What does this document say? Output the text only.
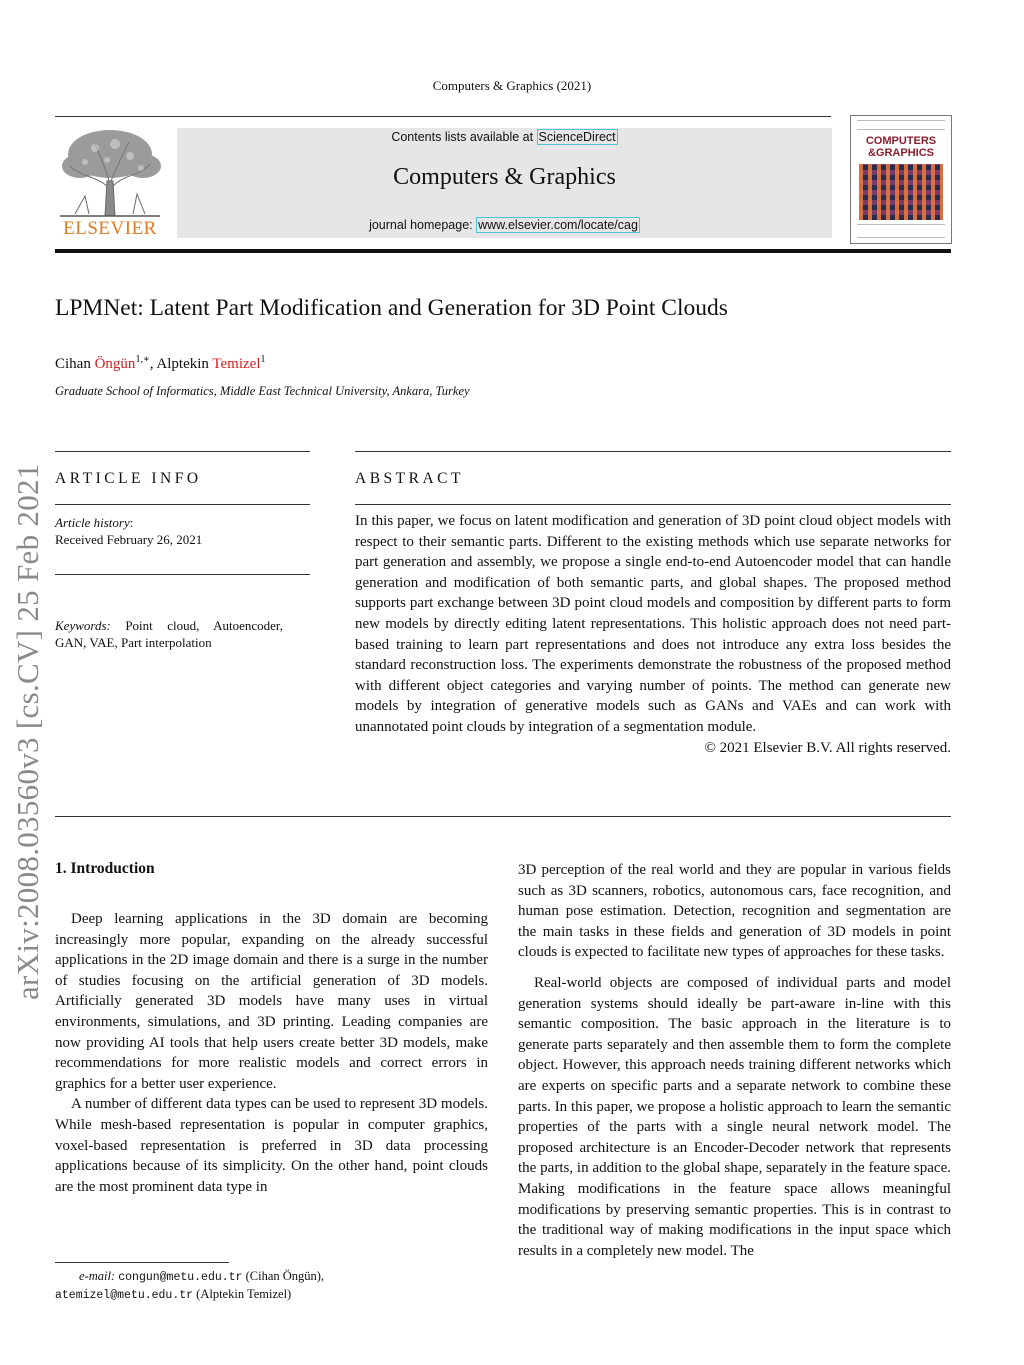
Computers & Graphics (2021)
ELSEVIER
Contents lists available at ScienceDirect
Computers & Graphics
journal homepage: www.elsevier.com/locate/cag
COMPUTERS
&GRAPHICS
arXiv:2008.03560v3 [cs.CV] 25 Feb 2021
LPMNet: Latent Part Modification and Generation for 3D Point Clouds
Cihan Öngün$^{1,∗}$, Alptekin Temizel$^1$
Graduate School of Informatics, Middle East Technical University, Ankara, Turkey
ARTICLE INFO
Article history:
Received February 26, 2021
Keywords: Point cloud, Autoencoder, GAN, VAE, Part interpolation
ABSTRACT
In this paper, we focus on latent modification and generation of 3D point cloud object models with respect to their semantic parts. Different to the existing methods which use separate networks for part generation and assembly, we propose a single end-to-end Autoencoder model that can handle generation and modification of both semantic parts, and global shapes. The proposed method supports part exchange between 3D point cloud models and composition by different parts to form new models by directly editing latent representations. This holistic approach does not need part-based training to learn part representations and does not introduce any extra loss besides the standard reconstruction loss. The experiments demonstrate the robustness of the proposed method with different object categories and varying number of points. The method can generate new models by integration of generative models such as GANs and VAEs and can work with unannotated point clouds by integration of a segmentation module.
© 2021 Elsevier B.V. All rights reserved.
1. Introduction

Deep learning applications in the 3D domain are becoming increasingly more popular, expanding on the already successful applications in the 2D image domain and there is a surge in the number of studies focusing on the artificial generation of 3D models. Artificially generated 3D models have many uses in virtual environments, simulations, and 3D printing. Leading companies are now providing AI tools that help users create better 3D models, make recommendations for more realistic models and correct errors in graphics for a better user experience.

A number of different data types can be used to represent 3D models. While mesh-based representation is popular in computer graphics, voxel-based representation is preferred in 3D data processing applications because of its simplicity. On the other hand, point clouds are the most prominent data type in

3D perception of the real world and they are popular in various fields such as 3D scanners, robotics, autonomous cars, face recognition, and human pose estimation. Detection, recognition and segmentation are the main tasks in these fields and generation of 3D models in point clouds is expected to facilitate new types of approaches for these tasks.

Real-world objects are composed of individual parts and model generation systems should ideally be part-aware in-line with this semantic composition. The basic approach in the literature is to generate parts separately and then assemble them to form the complete object. However, this approach needs training different networks which are experts on specific parts and a separate network to combine these parts. In this paper, we propose a holistic approach to learn the semantic properties of the parts with a single neural network model. The proposed architecture is an Encoder-Decoder network that represents the parts, in addition to the global shape, separately in the feature space. Making modifications in the feature space allows meaningful modifications by preserving semantic properties. This is in contrast to the traditional way of making modifications in the input space which results in a completely new model. The

e-mail: congun@metu.edu.tr (Cihan Öngün),
atemizel@metu.edu.tr (Alptekin Temizel)
